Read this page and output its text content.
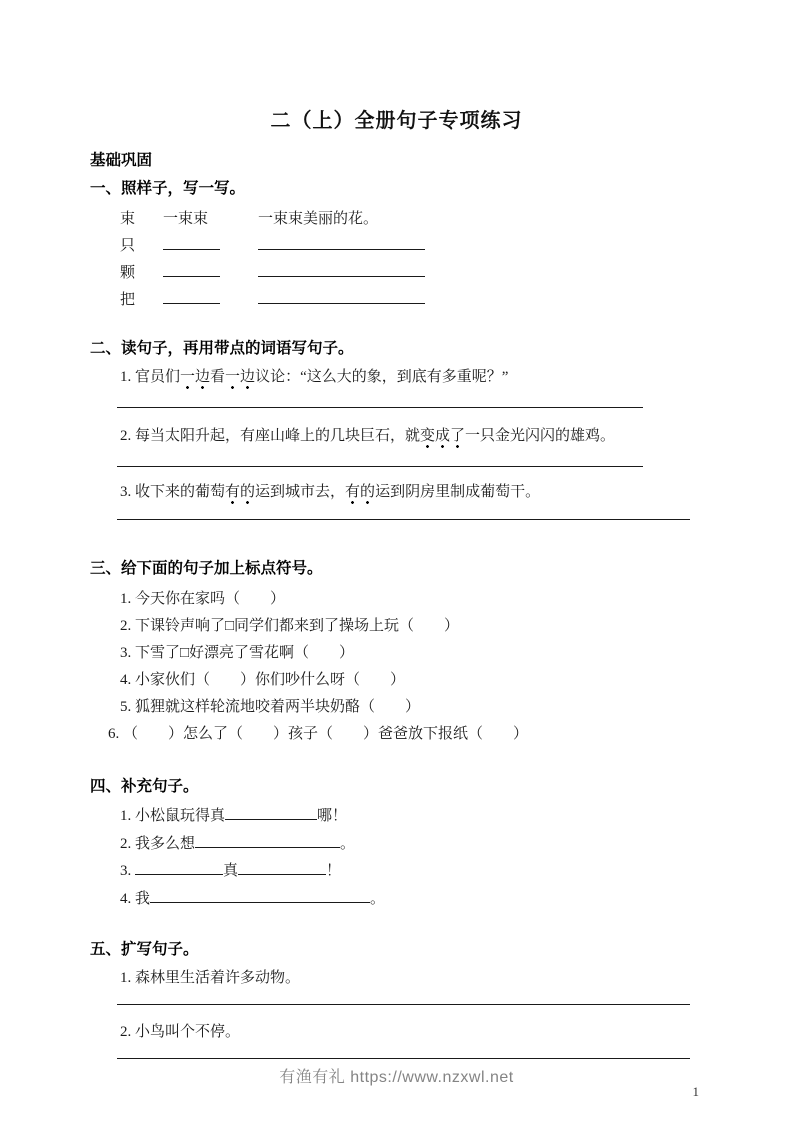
二（上）全册句子专项练习
基础巩固
一、照样子，写一写。
束 一束束	一束束美丽的花。
只
颗
把
二、读句子，再用带点的词语写句子。

1. 官员们一边看一边议论：“这么大的象，到底有多重呢？”

2. 每当太阳升起，有座山峰上的几块巨石，就变成了一只金光闪闪的雄鸡。

3. 收下来的葡萄有的运到城市去，有的运到阴房里制成葡萄干。

三、给下面的句子加上标点符号。

1. 今天你在家吗（　　）

2. 下课铃声响了□同学们都来到了操场上玩（　　）

3. 下雪了□好漂亮了雪花啊（　　）

4. 小家伙们（　　）你们吵什么呀（　　）

5. 狐狸就这样轮流地咬着两半块奶酪（　　）

6. （　　）怎么了（　　）孩子（　　）爸爸放下报纸（　　）

四、补充句子。

1. 小松鼠玩得真	哪！

2. 我多么想	。

3.	真	！

4. 我	。

五、扩写句子。

1. 森林里生活着许多动物。

2. 小鸟叫个不停。

有渔有礼 https://www.nzxwl.net
1
